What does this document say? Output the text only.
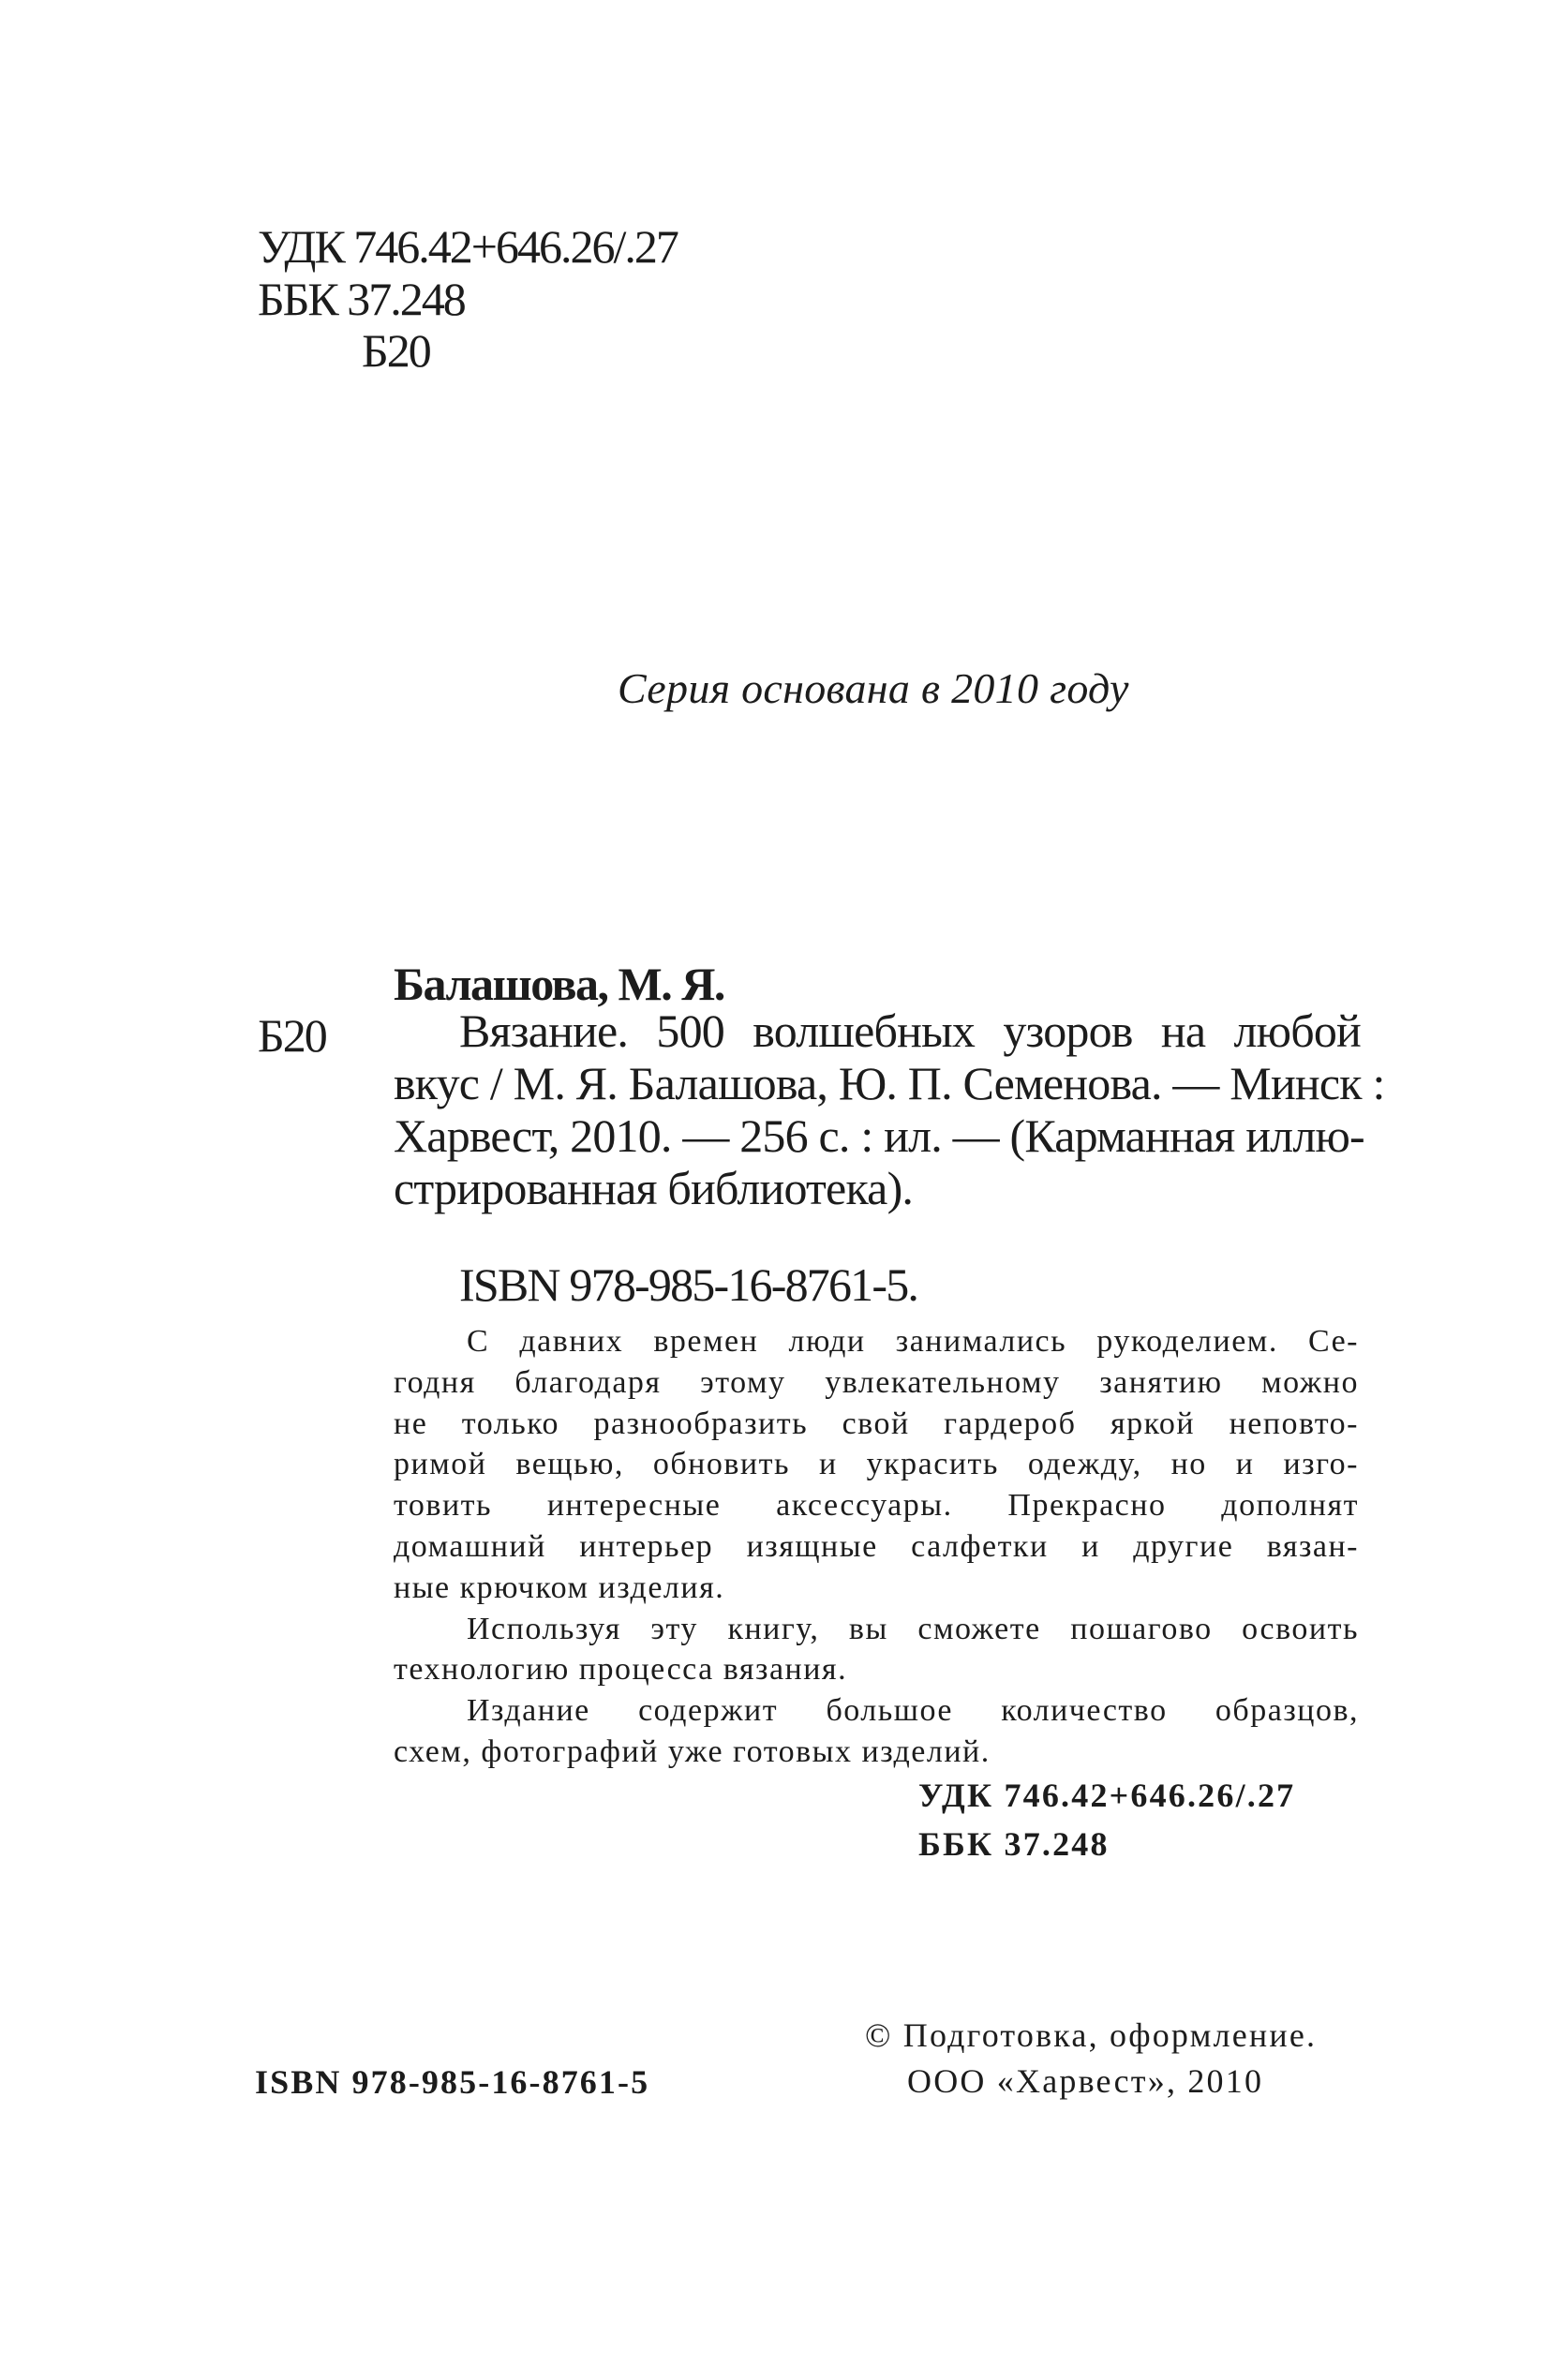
УДК 746.42+646.26/.27
ББК 37.248
Б20
Серия основана в 2010 году
Балашова, М. Я.
Б20	Вязание. 500 волшебных узоров на любой
вкус / М. Я. Балашова, Ю. П. Семенова. — Минск :
Харвест, 2010. — 256 с. : ил. — (Карманная иллю-
стрированная библиотека).
ISBN 978-985-16-8761-5.
С давних времен люди занимались рукоделием. Се-
годня благодаря этому увлекательному занятию можно
не только разнообразить свой гардероб яркой неповто-
римой вещью, обновить и украсить одежду, но и изго-
товить интересные аксессуары. Прекрасно дополнят
домашний интерьер изящные салфетки и другие вязан-
ные крючком изделия.
Используя эту книгу, вы сможете пошагово освоить
технологию процесса вязания.
Издание содержит большое количество образцов,
схем, фотографий уже готовых изделий.
УДК 746.42+646.26/.27
ББК 37.248
© Подготовка, оформление.
ISBN 978-985-16-8761-5	ООО «Харвест», 2010
